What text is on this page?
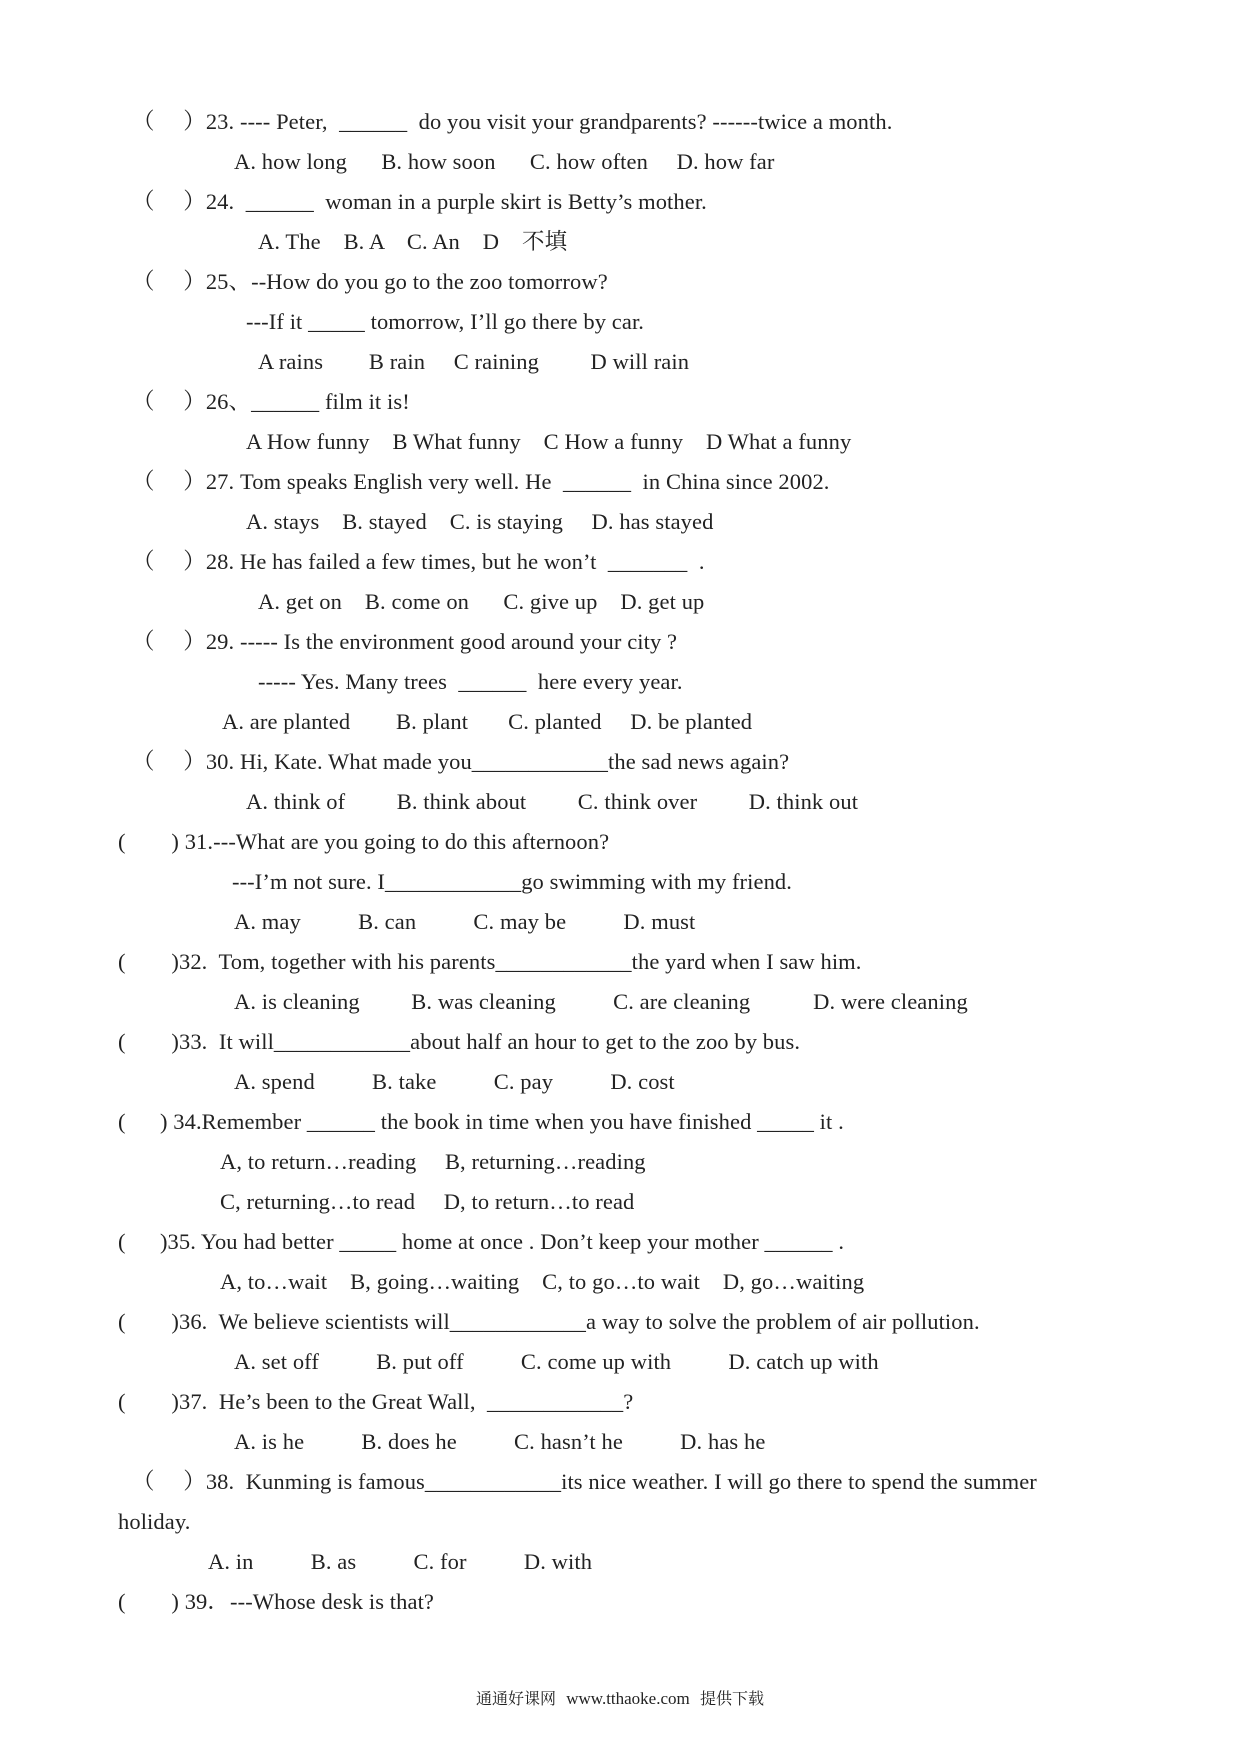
（     ）23. ---- Peter,  ______  do you visit your grandparents? ------twice a month.
A. how long      B. how soon      C. how often     D. how far
（     ）24.  ______  woman in a purple skirt is Betty’s mother.
A. The    B. A    C. An    D    不填
（     ）25、--How do you go to the zoo tomorrow?
---If it _____ tomorrow, I’ll go there by car.
A rains        B rain     C raining         D will rain
（     ）26、______ film it is!
A How funny    B What funny    C How a funny    D What a funny
（     ）27. Tom speaks English very well. He  ______  in China since 2002.
A. stays    B. stayed    C. is staying     D. has stayed
（     ）28. He has failed a few times, but he won’t  _______  .
A. get on    B. come on      C. give up    D. get up
（     ）29. ----- Is the environment good around your city ?
----- Yes. Many trees  ______  here every year.
A. are planted        B. plant       C. planted     D. be planted
（     ）30. Hi, Kate. What made you____________the sad news again?
A. think of         B. think about         C. think over         D. think out
(        ) 31.---What are you going to do this afternoon?
---I’m not sure. I____________go swimming with my friend.
A. may          B. can          C. may be          D. must
(        )32.  Tom, together with his parents____________the yard when I saw him.
A. is cleaning         B. was cleaning          C. are cleaning           D. were cleaning
(        )33.  It will____________about half an hour to get to the zoo by bus.
A. spend          B. take          C. pay          D. cost
(      ) 34.Remember ______ the book in time when you have finished _____ it .
A, to return…reading     B, returning…reading
C, returning…to read     D, to return…to read
(      )35. You had better _____ home at once . Don’t keep your mother ______ .
A, to…wait    B, going…waiting    C, to go…to wait    D, go…waiting
(        )36.  We believe scientists will____________a way to solve the problem of air pollution.
A. set off          B. put off          C. come up with          D. catch up with
(        )37.  He’s been to the Great Wall,  ____________?
A. is he          B. does he          C. hasn’t he          D. has he
（     ）38.  Kunming is famous____________its nice weather. I will go there to spend the summer
holiday.
A. in          B. as          C. for          D. with
(        ) 39．---Whose desk is that?
通通好课网 www.tthaoke.com 提供下载
